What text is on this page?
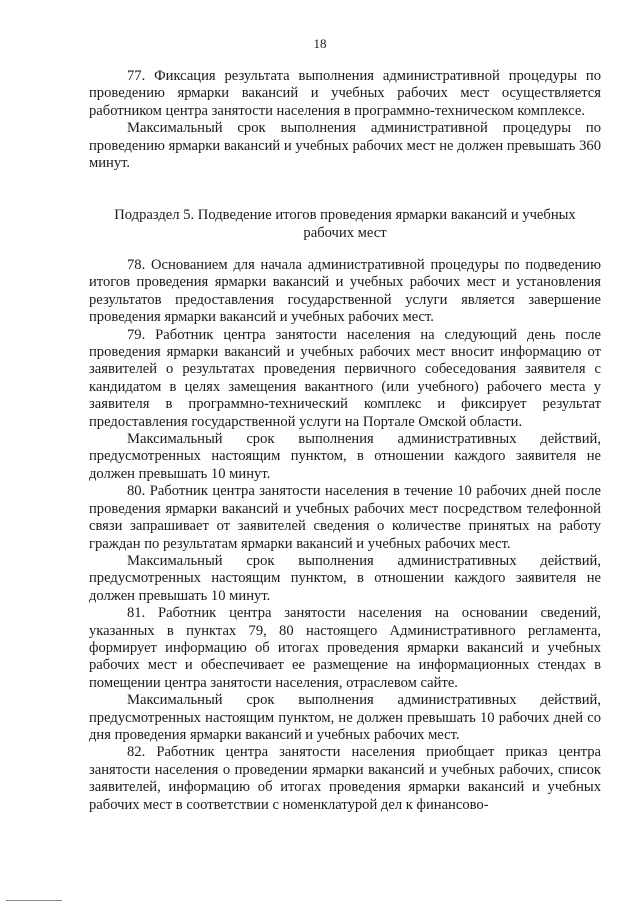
18

77. Фиксация результата выполнения административной процедуры по проведению ярмарки вакансий и учебных рабочих мест осуществляется работником центра занятости населения в программно-техническом комплексе.

Максимальный срок выполнения административной процедуры по проведению ярмарки вакансий и учебных рабочих мест не должен превышать 360 минут.

Подраздел 5. Подведение итогов проведения ярмарки вакансий и учебных рабочих мест

78. Основанием для начала административной процедуры по подведению итогов проведения ярмарки вакансий и учебных рабочих мест и установления результатов предоставления государственной услуги является завершение проведения ярмарки вакансий и учебных рабочих мест.

79. Работник центра занятости населения на следующий день после проведения ярмарки вакансий и учебных рабочих мест вносит информацию от заявителей о результатах проведения первичного собеседования заявителя с кандидатом в целях замещения вакантного (или учебного) рабочего места у заявителя в программно-технический комплекс и фиксирует результат предоставления государственной услуги на Портале Омской области.

Максимальный срок выполнения административных действий, предусмотренных настоящим пунктом, в отношении каждого заявителя не должен превышать 10 минут.

80. Работник центра занятости населения в течение 10 рабочих дней после проведения ярмарки вакансий и учебных рабочих мест посредством телефонной связи запрашивает от заявителей сведения о количестве принятых на работу граждан по результатам ярмарки вакансий и учебных рабочих мест.

Максимальный срок выполнения административных действий, предусмотренных настоящим пунктом, в отношении каждого заявителя не должен превышать 10 минут.

81. Работник центра занятости населения на основании сведений, указанных в пунктах 79, 80 настоящего Административного регламента, формирует информацию об итогах проведения ярмарки вакансий и учебных рабочих мест и обеспечивает ее размещение на информационных стендах в помещении центра занятости населения, отраслевом сайте.

Максимальный срок выполнения административных действий, предусмотренных настоящим пунктом, не должен превышать 10 рабочих дней со дня проведения ярмарки вакансий и учебных рабочих мест.

82. Работник центра занятости населения приобщает приказ центра занятости населения о проведении ярмарки вакансий и учебных рабочих, список заявителей, информацию об итогах проведения ярмарки вакансий и учебных рабочих мест в соответствии с номенклатурой дел к финансово-
